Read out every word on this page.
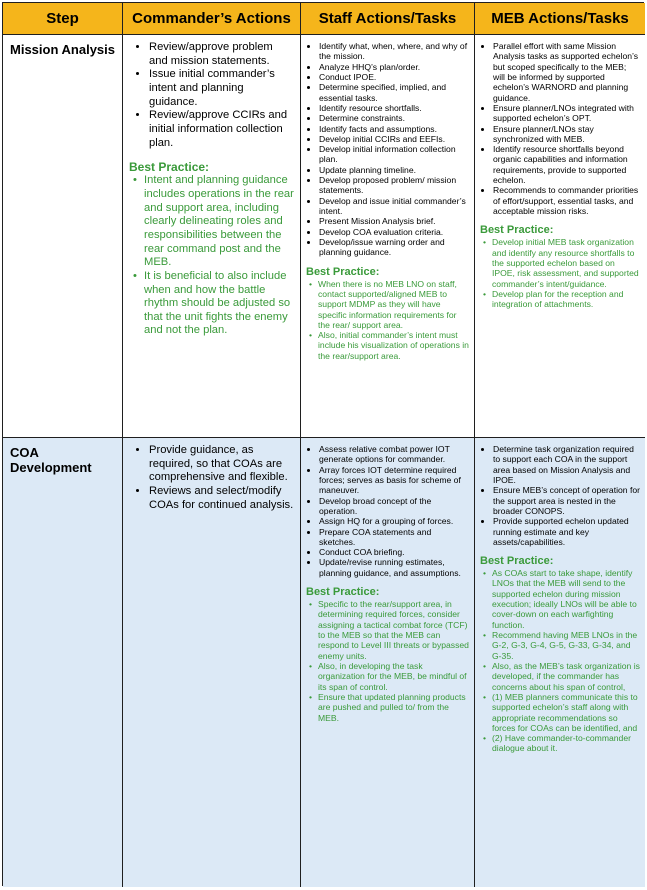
Step	Commander’s Actions	Staff Actions/Tasks	MEB Actions/Tasks
Mission Analysis
•	Review/approve problem and mission statements.
• Issue initial commander’s intent and planning guidance.
• Review/approve CCIRs and initial information collection plan.
Best Practice:
• Intent and planning guidance includes operations in the rear and support area, including clearly delineating roles and responsibilities between the rear command post and the MEB.
• It is beneficial to also include when and how the battle rhythm should be adjusted so that the unit fights the enemy and not the plan.
• Identify what, when, where, and why of the mission.
• Analyze HHQ’s plan/order.
• Conduct IPOE.
• Determine specified, implied, and essential tasks.
• Identify resource shortfalls.
• Determine constraints.
• Identify facts and assumptions.
• Develop initial CCIRs and EEFIs.
• Develop initial information collection plan.
• Update planning timeline.
• Develop proposed problem/ mission statements.
• Develop and issue initial commander’s intent.
• Present Mission Analysis brief.
• Develop COA evaluation criteria.
• Develop/issue warning order and planning guidance.
Best Practice:
• When there is no MEB LNO on staff, contact supported/aligned MEB to support MDMP as they will have specific information requirements for the rear/ support area.
• Also, initial commander’s intent must include his visualization of operations in the rear/support area.
• Parallel effort with same Mission Analysis tasks as supported echelon’s but scoped specifically to the MEB; will be informed by supported echelon’s WARNORD and planning guidance.
• Ensure planner/LNOs integrated with supported echelon’s OPT.
• Ensure planner/LNOs stay synchronized with MEB.
• Identify resource shortfalls beyond organic capabilities and information requirements, provide to supported echelon.
• Recommends to commander priorities of effort/support, essential tasks, and acceptable mission risks.
Best Practice:
• Develop initial MEB task organization and identify any resource shortfalls to the supported echelon based on IPOE, risk assessment, and supported commander’s intent/guidance.
• Develop plan for the reception and integration of attachments.
COA Development
• Provide guidance, as required, so that COAs are comprehensive and flexible.
• Reviews and select/modify COAs for continued analysis.
• Assess relative combat power IOT generate options for commander.
• Array forces IOT determine required forces; serves as basis for scheme of maneuver.
• Develop broad concept of the operation.
• Assign HQ for a grouping of forces.
• Prepare COA statements and sketches.
• Conduct COA briefing.
• Update/revise running estimates, planning guidance, and assumptions.
Best Practice:
• Specific to the rear/support area, in determining required forces, consider assigning a tactical combat force (TCF) to the MEB so that the MEB can respond to Level III threats or bypassed enemy units.
• Also, in developing the task organization for the MEB, be mindful of its span of control.
• Ensure that updated planning products are pushed and pulled to/ from the MEB.
• Determine task organization required to support each COA in the support area based on Mission Analysis and IPOE.
• Ensure MEB’s concept of operation for the support area is nested in the broader CONOPS.
• Provide supported echelon updated running estimate and key assets/capabilities.
Best Practice:
• As COAs start to take shape, identify LNOs that the MEB will send to the supported echelon during mission execution; ideally LNOs will be able to cover-down on each warfighting function.
• Recommend having MEB LNOs in the G-2, G-3, G-4, G-5, G-33, G-34, and G-35.
• Also, as the MEB’s task organization is developed, if the commander has concerns about his span of control,
• (1) MEB planners communicate this to supported echelon’s staff along with appropriate recommendations so forces for COAs can be identified, and
• (2) Have commander-to-commander dialogue about it.
